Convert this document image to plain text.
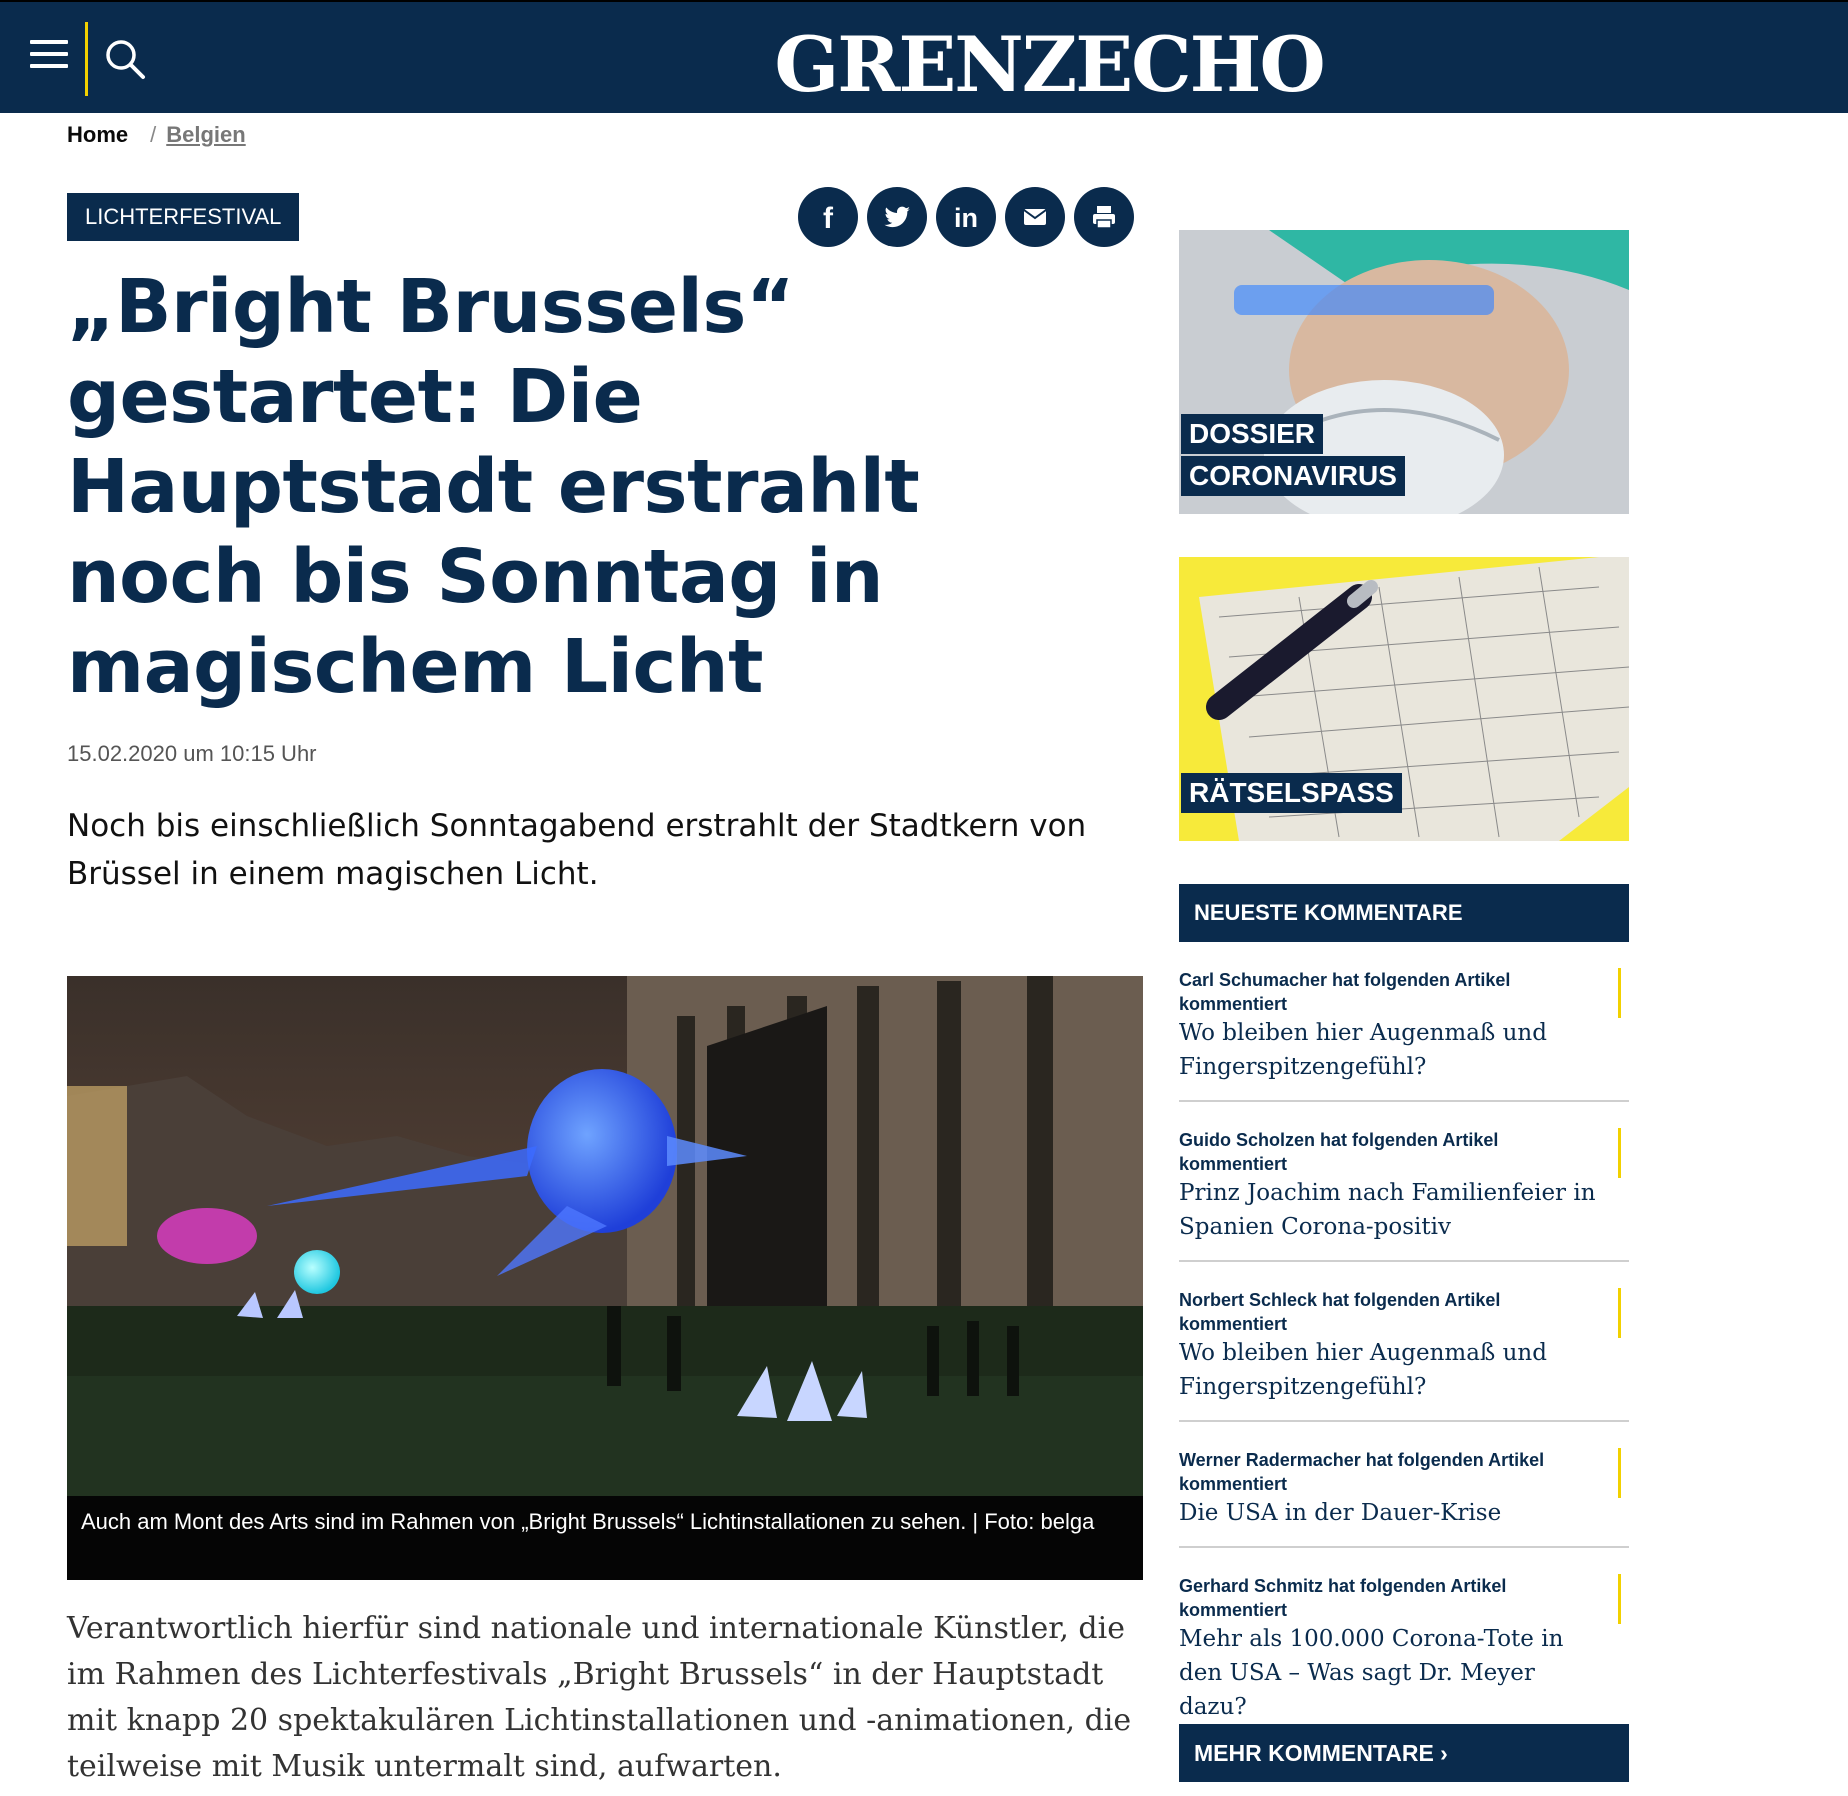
GRENZECHO
Home / Belgien
LICHTERFESTIVAL	f	in
„Bright Brussels“ gestartet: Die Hauptstadt erstrahlt noch bis Sonntag in magischem Licht
15.02.2020 um 10:15 Uhr

Noch bis einschließlich Sonntagabend erstrahlt der Stadtkern von Brüssel in einem magischen Licht.

Auch am Mont des Arts sind im Rahmen von „Bright Brussels“ Lichtinstallationen zu sehen. | Foto: belga

Verantwortlich hierfür sind nationale und internationale Künstler, die im Rahmen des Lichterfestivals „Bright Brussels“ in der Hauptstadt mit knapp 20 spektakulären Lichtinstallationen und -animationen, die teilweise mit Musik untermalt sind, aufwarten.

DOSSIER
CORONAVIRUS
RÄTSELSPASS
NEUESTE KOMMENTARE
Carl Schumacher hat folgenden Artikel kommentiert
Wo bleiben hier Augenmaß und Fingerspitzengefühl?
Guido Scholzen hat folgenden Artikel kommentiert
Prinz Joachim nach Familienfeier in Spanien Corona-positiv
Norbert Schleck hat folgenden Artikel kommentiert
Wo bleiben hier Augenmaß und Fingerspitzengefühl?
Werner Radermacher hat folgenden Artikel kommentiert
Die USA in der Dauer-Krise
Gerhard Schmitz hat folgenden Artikel kommentiert
Mehr als 100.000 Corona-Tote in den USA – Was sagt Dr. Meyer dazu?
MEHR KOMMENTARE ›
